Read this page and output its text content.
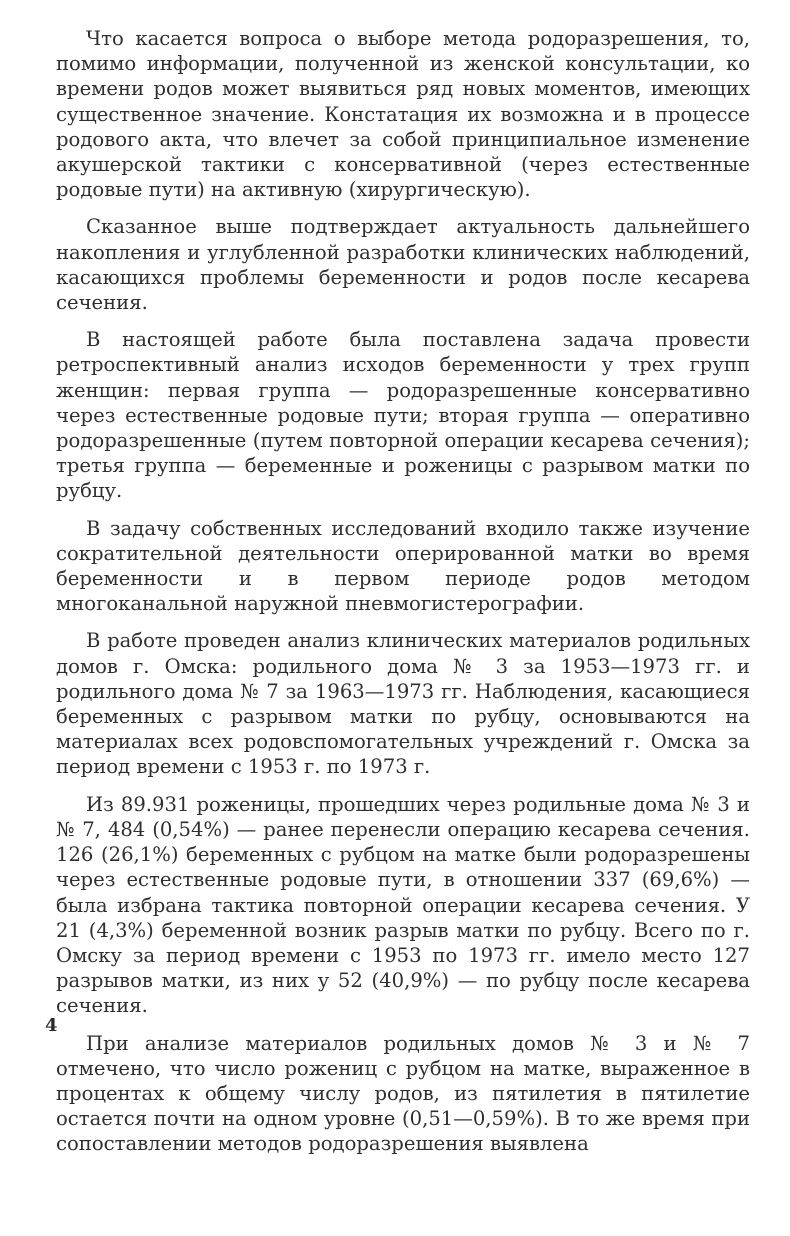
Что касается вопроса о выборе метода родоразрешения, то, помимо информации, полученной из женской консультации, ко времени родов может выявиться ряд новых моментов, имеющих существенное значение. Констатация их возможна и в процессе родового акта, что влечет за собой принципиальное изменение акушерской тактики с консервативной (через естественные родовые пути) на активную (хирургическую).

Сказанное выше подтверждает актуальность дальнейшего накопления и углубленной разработки клинических наблюдений, касающихся проблемы беременности и родов после кесарева сечения.

В настоящей работе была поставлена задача провести ретроспективный анализ исходов беременности у трех групп женщин: первая группа — родоразрешенные консервативно через естественные родовые пути; вторая группа — оперативно родоразрешенные (путем повторной операции кесарева сечения); третья группа — беременные и роженицы с разрывом матки по рубцу.

В задачу собственных исследований входило также изучение сократительной деятельности оперированной матки во время беременности и в первом периоде родов методом многоканальной наружной пневмогистерографии.

В работе проведен анализ клинических материалов родильных домов г. Омска: родильного дома № 3 за 1953—1973 гг. и родильного дома № 7 за 1963—1973 гг. Наблюдения, касающиеся беременных с разрывом матки по рубцу, основываются на материалах всех родовспомогательных учреждений г. Омска за период времени с 1953 г. по 1973 г.

Из 89.931 роженицы, прошедших через родильные дома № 3 и № 7, 484 (0,54%) — ранее перенесли операцию кесарева сечения. 126 (26,1%) беременных с рубцом на матке были родоразрешены через естественные родовые пути, в отношении 337 (69,6%) — была избрана тактика повторной операции кесарева сечения. У 21 (4,3%) беременной возник разрыв матки по рубцу. Всего по г. Омску за период времени с 1953 по 1973 гг. имело место 127 разрывов матки, из них у 52 (40,9%) — по рубцу после кесарева сечения.

При анализе материалов родильных домов № 3 и № 7 отмечено, что число рожениц с рубцом на матке, выраженное в процентах к общему числу родов, из пятилетия в пятилетие остается почти на одном уровне (0,51—0,59%). В то же время при сопоставлении методов родоразрешения выявлена

4
